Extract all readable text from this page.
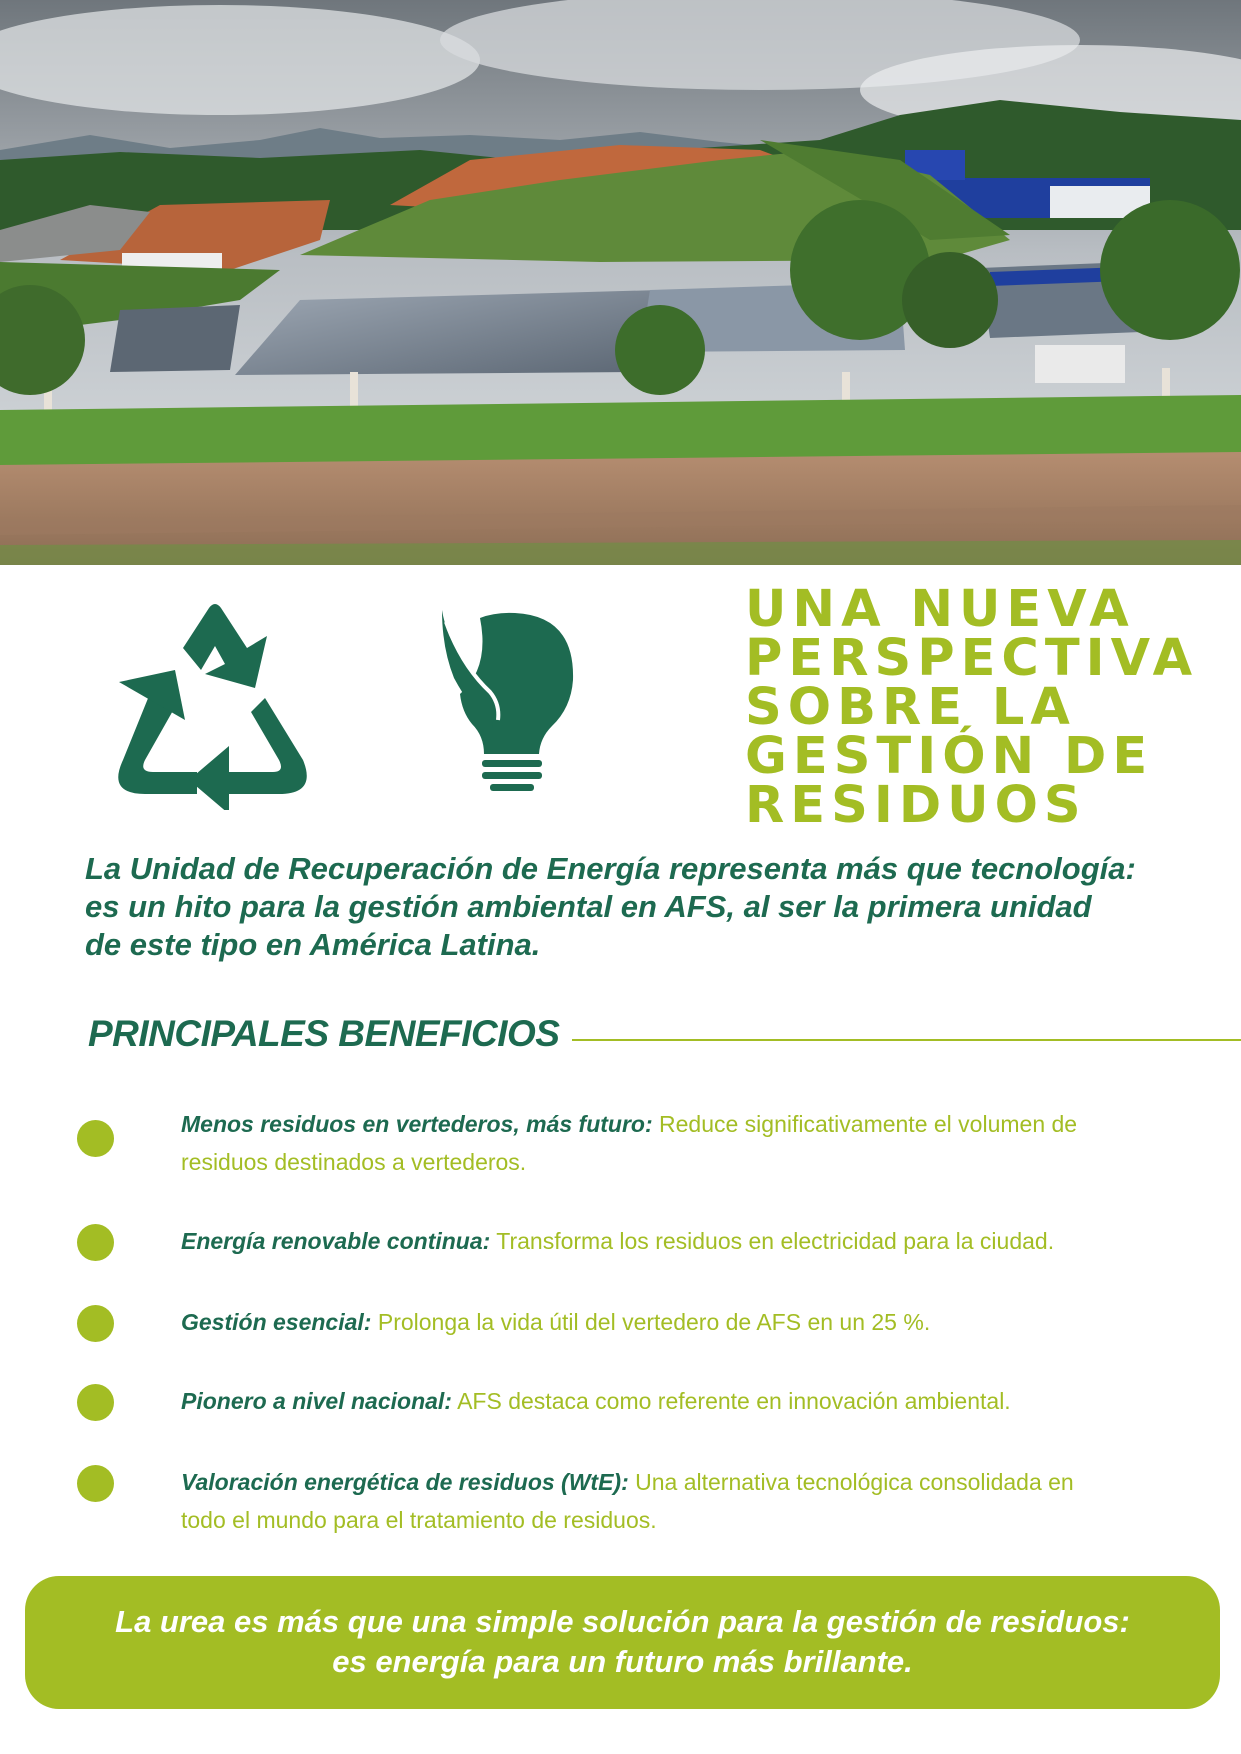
UNA NUEVA
PERSPECTIVA
SOBRE LA
GESTIÓN DE
RESIDUOS
La Unidad de Recuperación de Energía representa más que tecnología:
es un hito para la gestión ambiental en AFS, al ser la primera unidad
de este tipo en América Latina.
PRINCIPALES BENEFICIOS
Menos residuos en vertederos, más futuro: Reduce significativamente el volumen de
residuos destinados a vertederos.
Energía renovable continua: Transforma los residuos en electricidad para la ciudad.
Gestión esencial: Prolonga la vida útil del vertedero de AFS en un 25 %.
Pionero a nivel nacional: AFS destaca como referente en innovación ambiental.
Valoración energética de residuos (WtE): Una alternativa tecnológica consolidada en
todo el mundo para el tratamiento de residuos.
La urea es más que una simple solución para la gestión de residuos:
es energía para un futuro más brillante.
